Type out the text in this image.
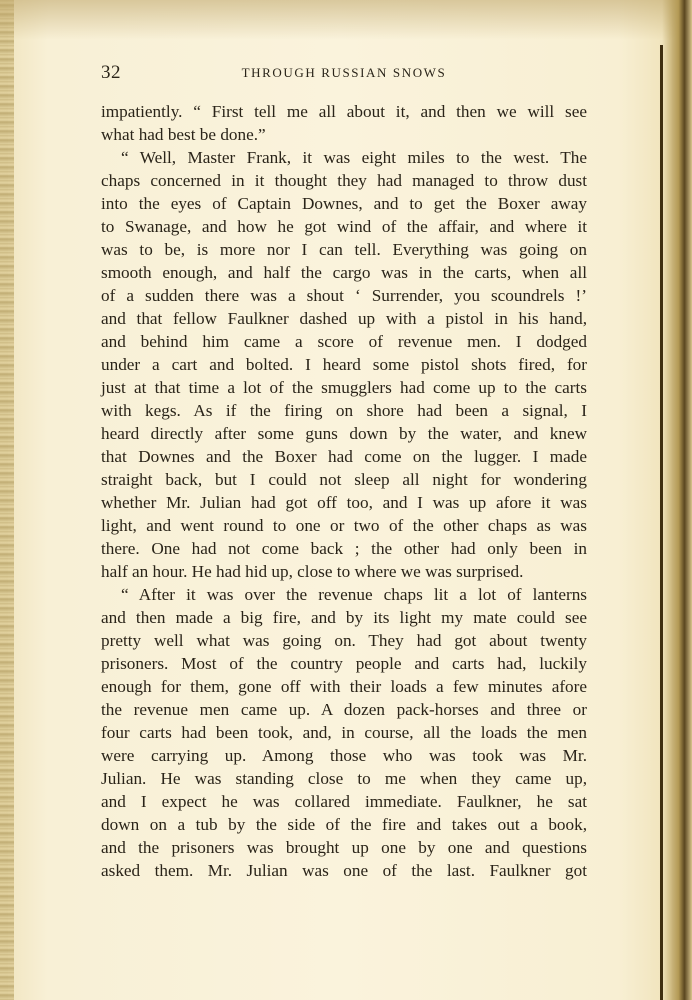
32	THROUGH RUSSIAN SNOWS
impatiently. “ First tell me all about it, and then we will see
what had best be done.”
“ Well, Master Frank, it was eight miles to the west. The
chaps concerned in it thought they had managed to throw dust
into the eyes of Captain Downes, and to get the Boxer away
to Swanage, and how he got wind of the affair, and where it
was to be, is more nor I can tell. Everything was going on
smooth enough, and half the cargo was in the carts, when all
of a sudden there was a shout ‘ Surrender, you scoundrels !’
and that fellow Faulkner dashed up with a pistol in his hand,
and behind him came a score of revenue men. I dodged
under a cart and bolted. I heard some pistol shots fired, for
just at that time a lot of the smugglers had come up to the carts
with kegs. As if the firing on shore had been a signal, I
heard directly after some guns down by the water, and knew
that Downes and the Boxer had come on the lugger. I made
straight back, but I could not sleep all night for wondering
whether Mr. Julian had got off too, and I was up afore it was
light, and went round to one or two of the other chaps as was
there. One had not come back ; the other had only been in
half an hour. He had hid up, close to where we was surprised.
“ After it was over the revenue chaps lit a lot of lanterns
and then made a big fire, and by its light my mate could see
pretty well what was going on. They had got about twenty
prisoners. Most of the country people and carts had, luckily
enough for them, gone off with their loads a few minutes afore
the revenue men came up. A dozen pack-horses and three or
four carts had been took, and, in course, all the loads the men
were carrying up. Among those who was took was Mr.
Julian. He was standing close to me when they came up,
and I expect he was collared immediate. Faulkner, he sat
down on a tub by the side of the fire and takes out a book,
and the prisoners was brought up one by one and questions
asked them. Mr. Julian was one of the last. Faulkner got
